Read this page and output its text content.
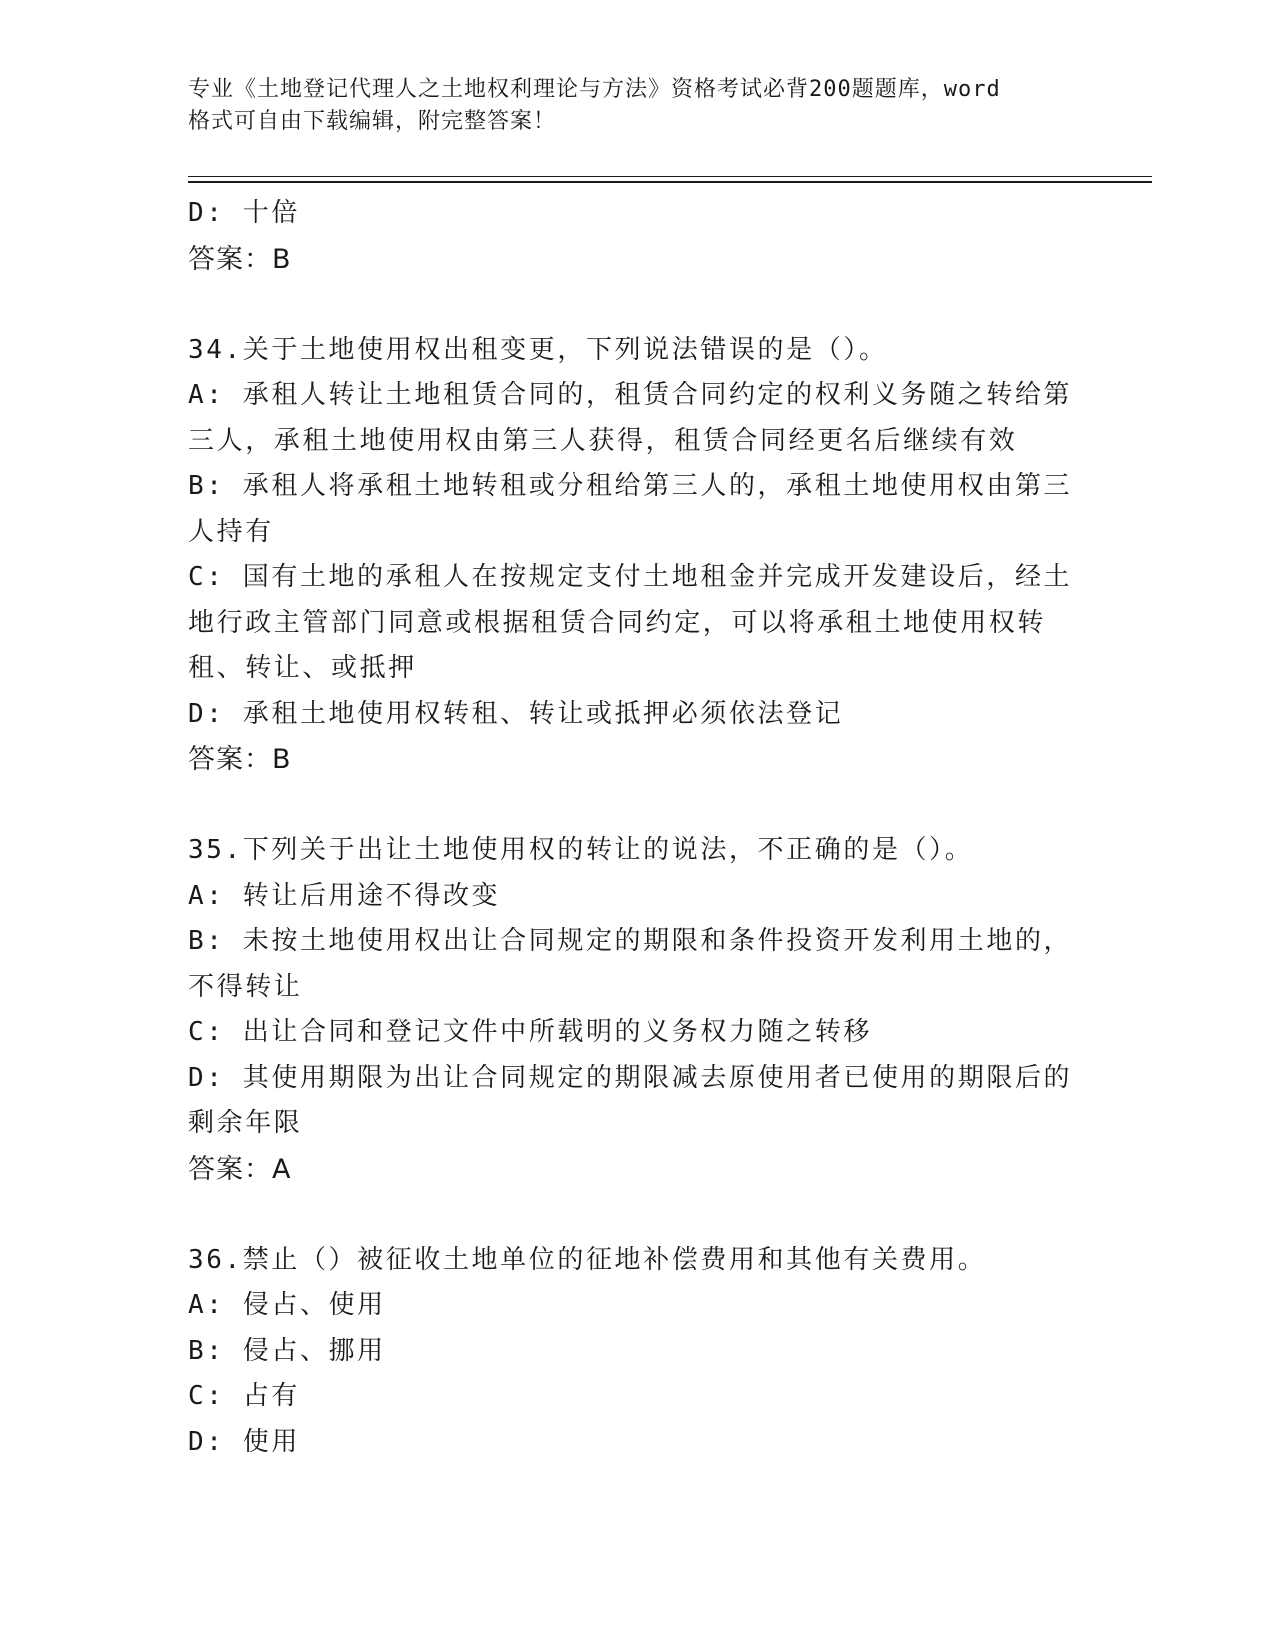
专业《土地登记代理人之土地权利理论与方法》资格考试必背200题题库，word
格式可自由下载编辑，附完整答案！
D: 十倍
答案：B
34.关于土地使用权出租变更，下列说法错误的是（）。
A: 承租人转让土地租赁合同的，租赁合同约定的权利义务随之转给第
三人，承租土地使用权由第三人获得，租赁合同经更名后继续有效
B: 承租人将承租土地转租或分租给第三人的，承租土地使用权由第三
人持有
C: 国有土地的承租人在按规定支付土地租金并完成开发建设后，经土
地行政主管部门同意或根据租赁合同约定，可以将承租土地使用权转
租、转让、或抵押
D: 承租土地使用权转租、转让或抵押必须依法登记
答案：B
35.下列关于出让土地使用权的转让的说法，不正确的是（）。
A: 转让后用途不得改变
B: 未按土地使用权出让合同规定的期限和条件投资开发利用土地的，
不得转让
C: 出让合同和登记文件中所载明的义务权力随之转移
D: 其使用期限为出让合同规定的期限减去原使用者已使用的期限后的
剩余年限
答案：A
36.禁止（）被征收土地单位的征地补偿费用和其他有关费用。
A: 侵占、使用
B: 侵占、挪用
C: 占有
D: 使用
